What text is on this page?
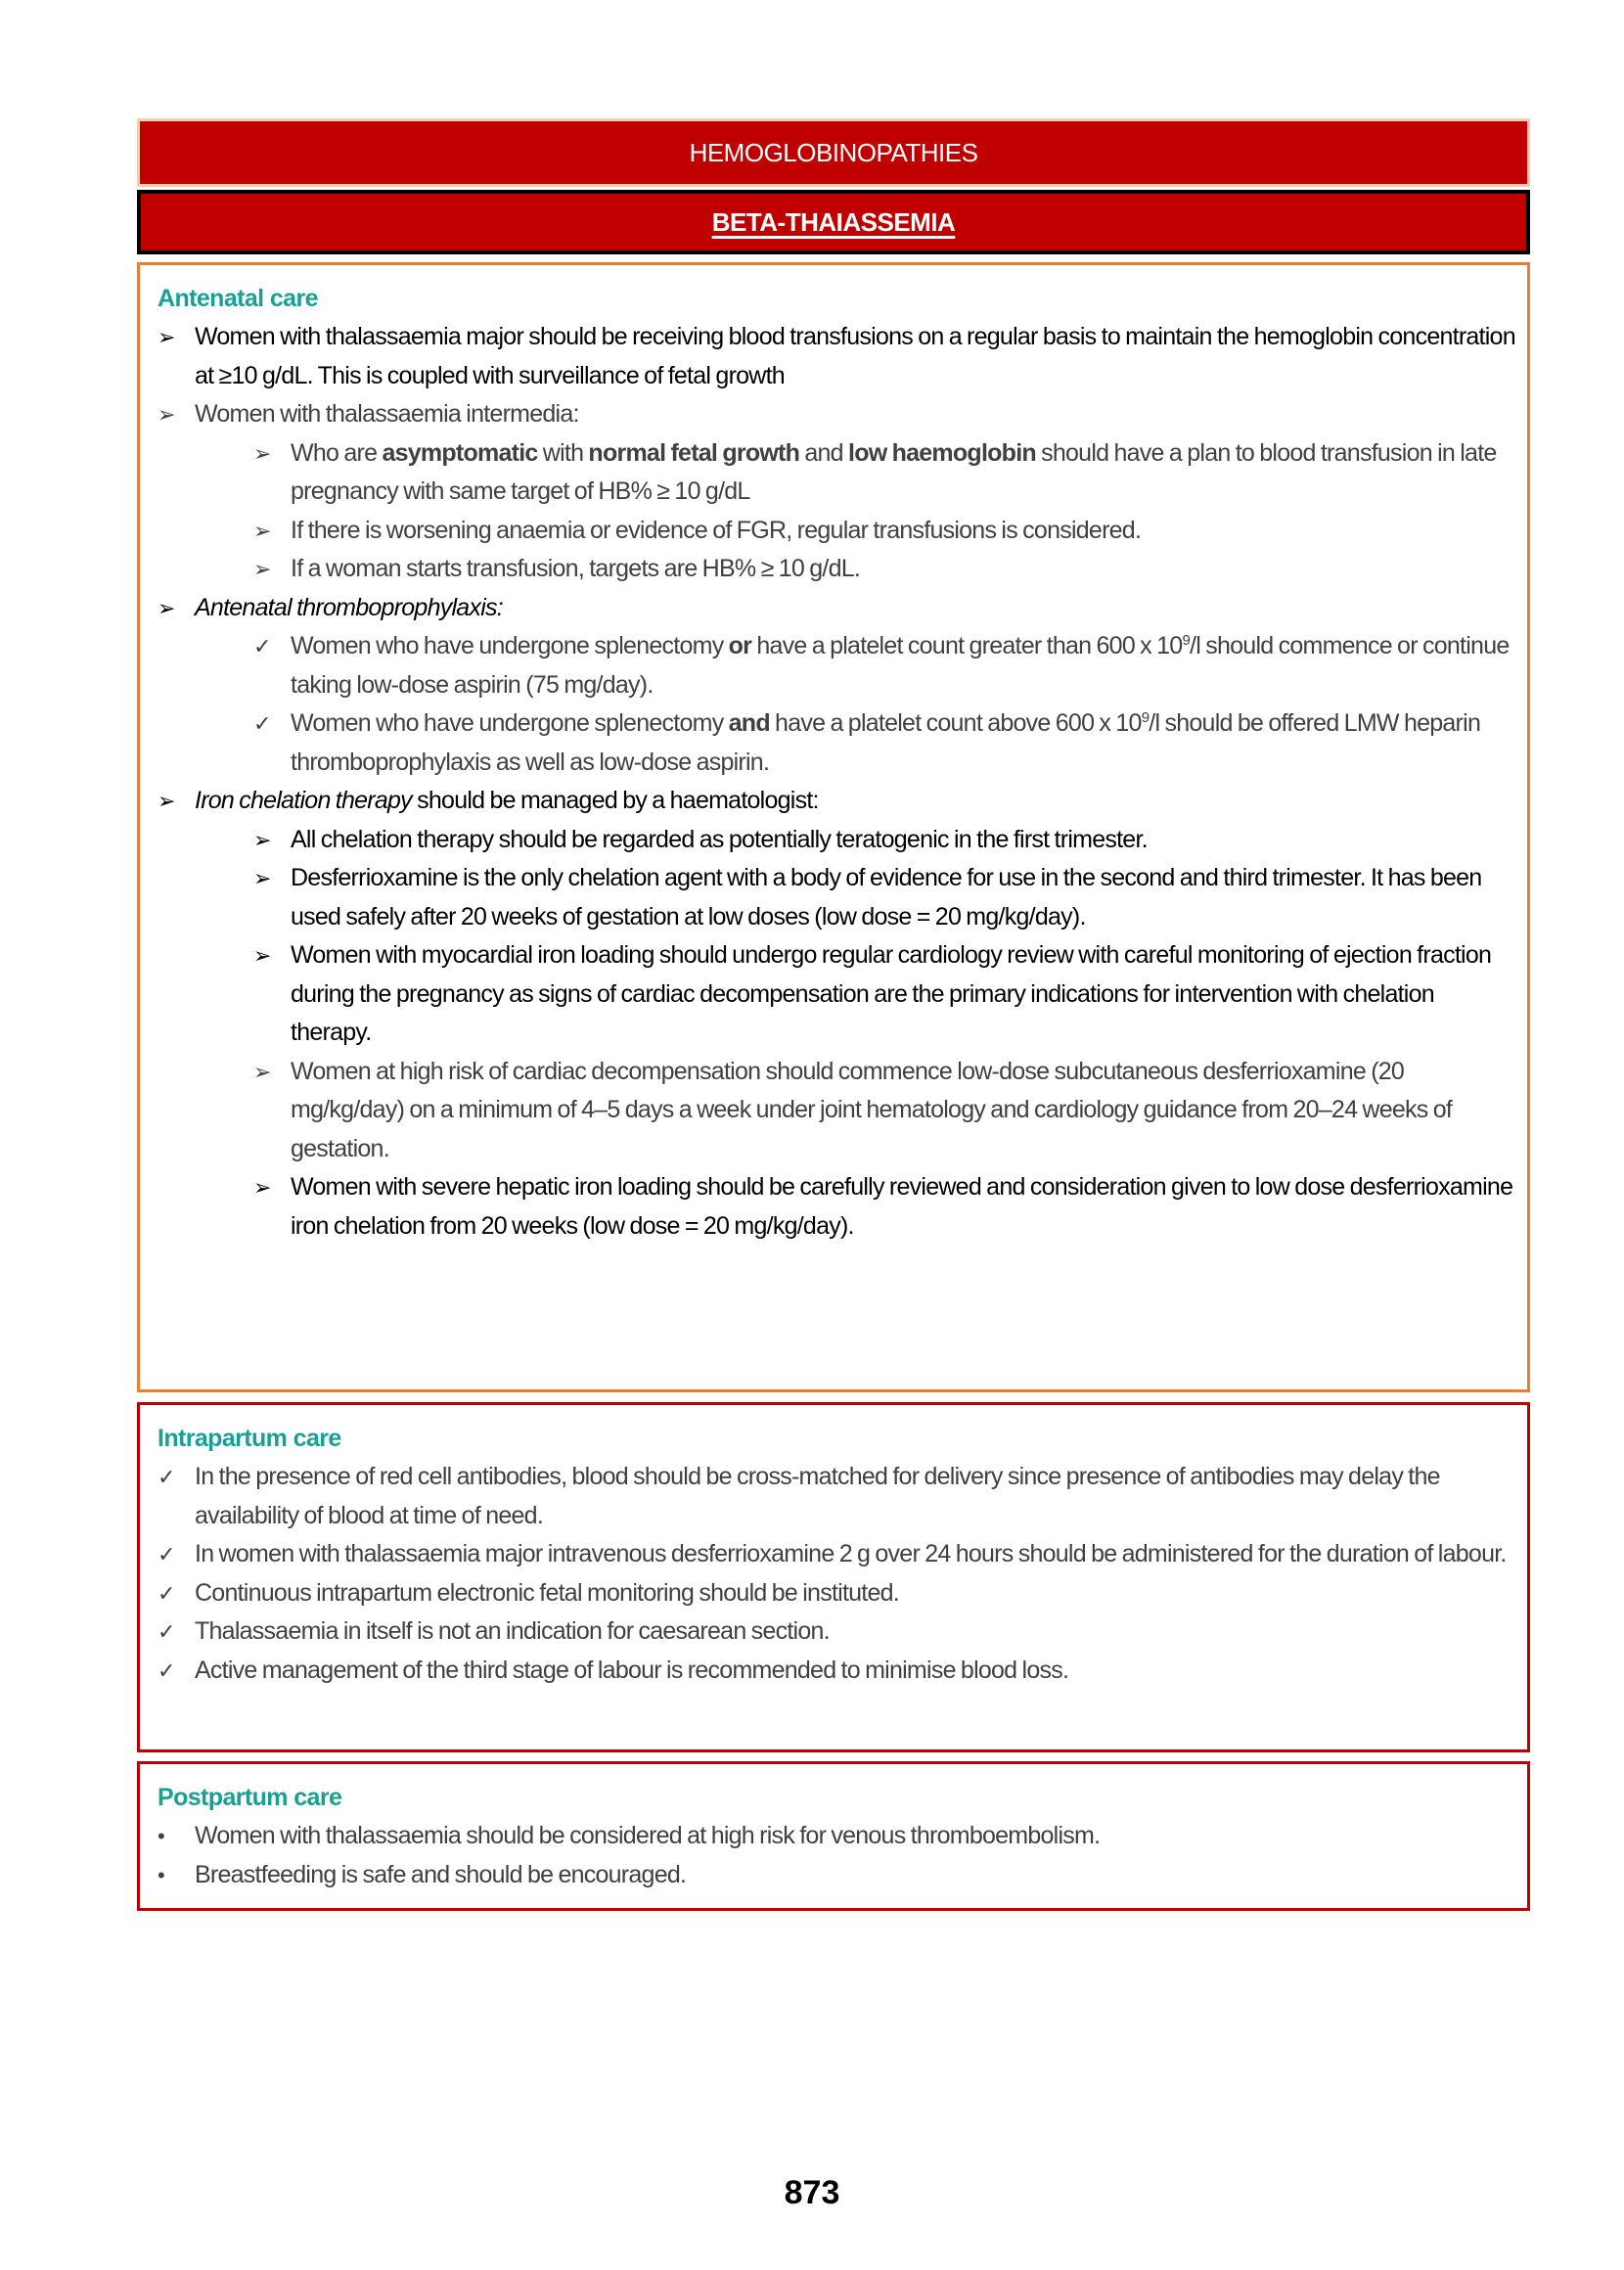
HEMOGLOBINOPATHIES
BETA-THAIASSEMIA
Antenatal care
➢ Women with thalassaemia major should be receiving blood transfusions on a regular basis to maintain the hemoglobin concentration at ≥10 g/dL. This is coupled with surveillance of fetal growth
➢ Women with thalassaemia intermedia:
➢ Who are asymptomatic with normal fetal growth and low haemoglobin should have a plan to blood transfusion in late pregnancy with same target of HB% ≥ 10 g/dL
➢ If there is worsening anaemia or evidence of FGR, regular transfusions is considered.
➢ If a woman starts transfusion, targets are HB% ≥ 10 g/dL.
➢ Antenatal thromboprophylaxis:
✓ Women who have undergone splenectomy or have a platelet count greater than 600 x $10^9/l$ should commence or continue taking low-dose aspirin (75 mg/day).
✓ Women who have undergone splenectomy and have a platelet count above 600 x $10^9/l$ should be offered LMW heparin thromboprophylaxis as well as low-dose aspirin.
➢ Iron chelation therapy should be managed by a haematologist:
➢ All chelation therapy should be regarded as potentially teratogenic in the first trimester.
➢ Desferrioxamine is the only chelation agent with a body of evidence for use in the second and third trimester. It has been used safely after 20 weeks of gestation at low doses (low dose = 20 mg/kg/day).
➢ Women with myocardial iron loading should undergo regular cardiology review with careful monitoring of ejection fraction during the pregnancy as signs of cardiac decompensation are the primary indications for intervention with chelation therapy.
➢ Women at high risk of cardiac decompensation should commence low-dose subcutaneous desferrioxamine (20 mg/kg/day) on a minimum of 4–5 days a week under joint hematology and cardiology guidance from 20–24 weeks of gestation.
➢ Women with severe hepatic iron loading should be carefully reviewed and consideration given to low dose desferrioxamine iron chelation from 20 weeks (low dose = 20 mg/kg/day).
Intrapartum care
✓ In the presence of red cell antibodies, blood should be cross-matched for delivery since presence of antibodies may delay the availability of blood at time of need.
✓ In women with thalassaemia major intravenous desferrioxamine 2 g over 24 hours should be administered for the duration of labour.
✓ Continuous intrapartum electronic fetal monitoring should be instituted.
✓ Thalassaemia in itself is not an indication for caesarean section.
✓ Active management of the third stage of labour is recommended to minimise blood loss.
Postpartum care
• Women with thalassaemia should be considered at high risk for venous thromboembolism.
• Breastfeeding is safe and should be encouraged.
873
